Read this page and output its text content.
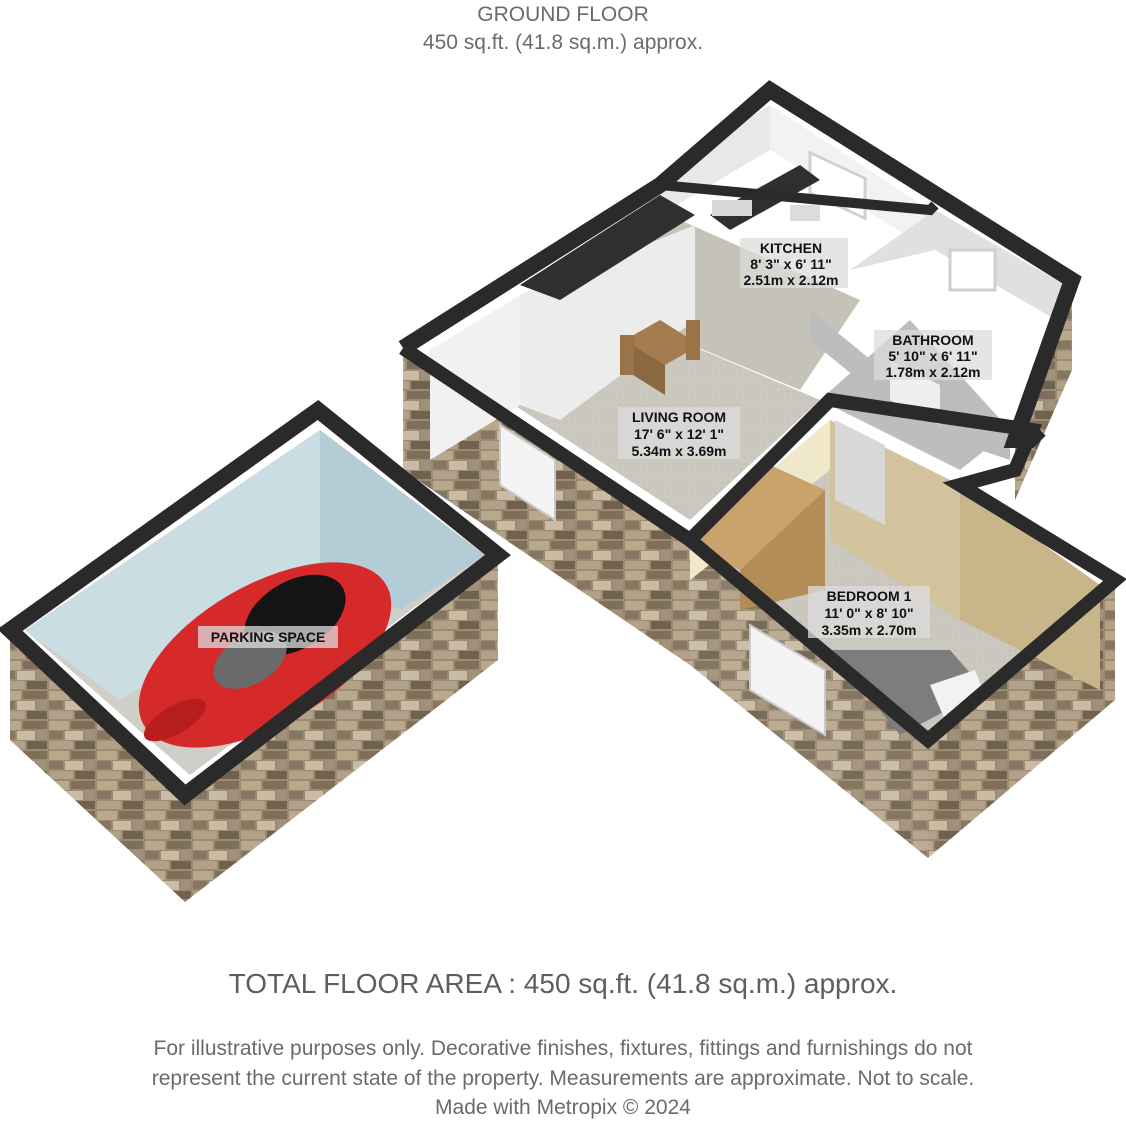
GROUND FLOOR
450 sq.ft. (41.8 sq.m.) approx.
KITCHEN
8' 3" x 6' 11"
2.51m x 2.12m
BATHROOM
5' 10" x 6' 11"
1.78m x 2.12m
LIVING ROOM
17' 6" x 12' 1"
5.34m x 3.69m
BEDROOM 1
11' 0" x 8' 10"
3.35m x 2.70m
PARKING SPACE
TOTAL FLOOR AREA : 450 sq.ft. (41.8 sq.m.) approx.
For illustrative purposes only. Decorative finishes, fixtures, fittings and furnishings do not
represent the current state of the property. Measurements are approximate. Not to scale.
Made with Metropix © 2024
